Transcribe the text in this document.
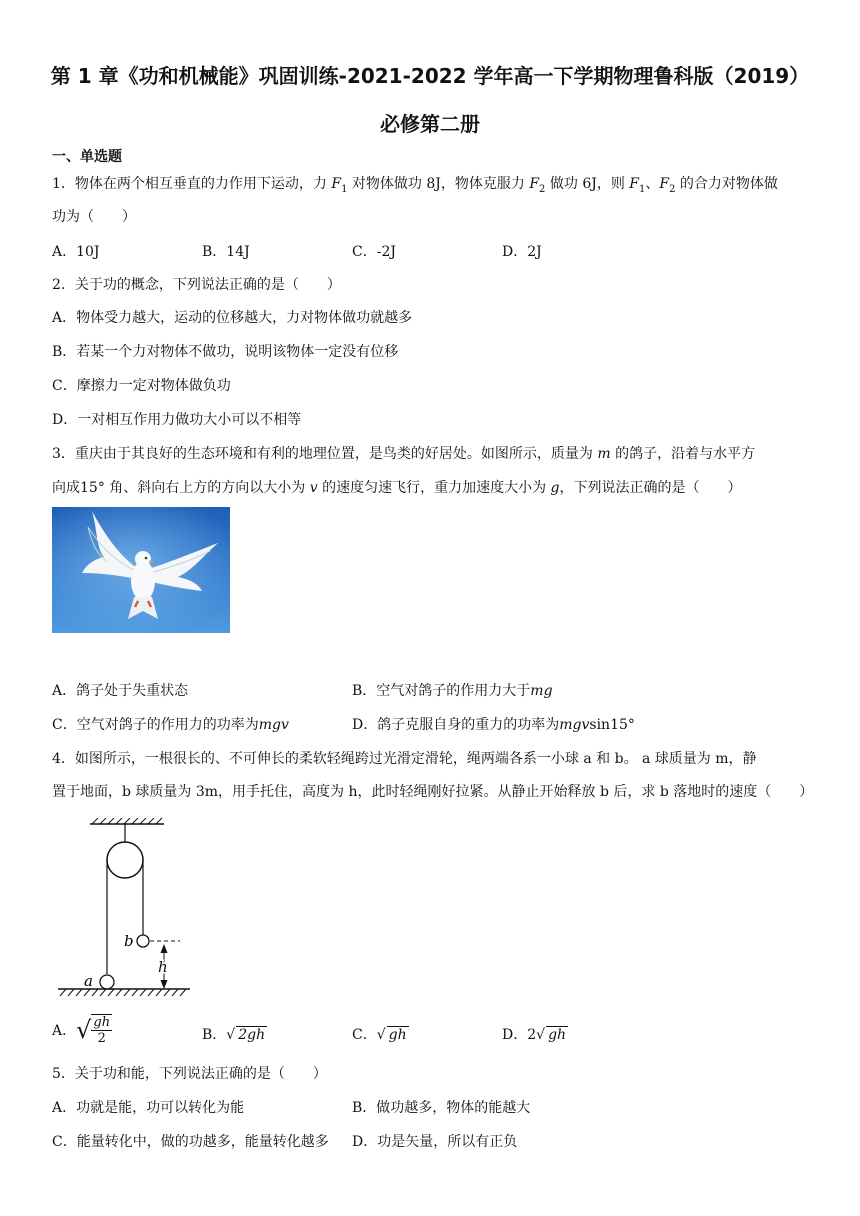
第 1 章《功和机械能》巩固训练-2021-2022 学年高一下学期物理鲁科版（2019）
必修第二册
一、单选题
1．物体在两个相互垂直的力作用下运动，力 $F_1$ 对物体做功 8J，物体克服力 $F_2$ 做功 6J，则 $F_1$、$F_2$ 的合力对物体做
功为（　　）
A．10J	B．14J	C．-2J	D．2J
2．关于功的概念，下列说法正确的是（　　）
A．物体受力越大，运动的位移越大，力对物体做功就越多
B．若某一个力对物体不做功，说明该物体一定没有位移
C．摩擦力一定对物体做负功
D．一对相互作用力做功大小可以不相等
3．重庆由于其良好的生态环境和有利的地理位置，是鸟类的好居处。如图所示，质量为 m 的鸽子，沿着与水平方
向成15° 角、斜向右上方的方向以大小为 v 的速度匀速飞行，重力加速度大小为 g，下列说法正确的是（　　）
A．鸽子处于失重状态	B．空气对鸽子的作用力大于mg
C．空气对鸽子的作用力的功率为mgv	D．鸽子克服自身的重力的功率为mgvsin15°
4．如图所示，一根很长的、不可伸长的柔软轻绳跨过光滑定滑轮，绳两端各系一小球 a 和 b。 a 球质量为 m，静
置于地面，b 球质量为 3m，用手托住，高度为 h，此时轻绳刚好拉紧。从静止开始释放 b 后，求 b 落地时的速度（　　）
b
a
h
A．√ $\frac{gh}{2}$	B．√ 2gh	C．√ gh	D．2√ gh
5．关于功和能，下列说法正确的是（　　）
A．功就是能，功可以转化为能	B．做功越多，物体的能越大
C．能量转化中，做的功越多，能量转化越多 D．功是矢量，所以有正负
